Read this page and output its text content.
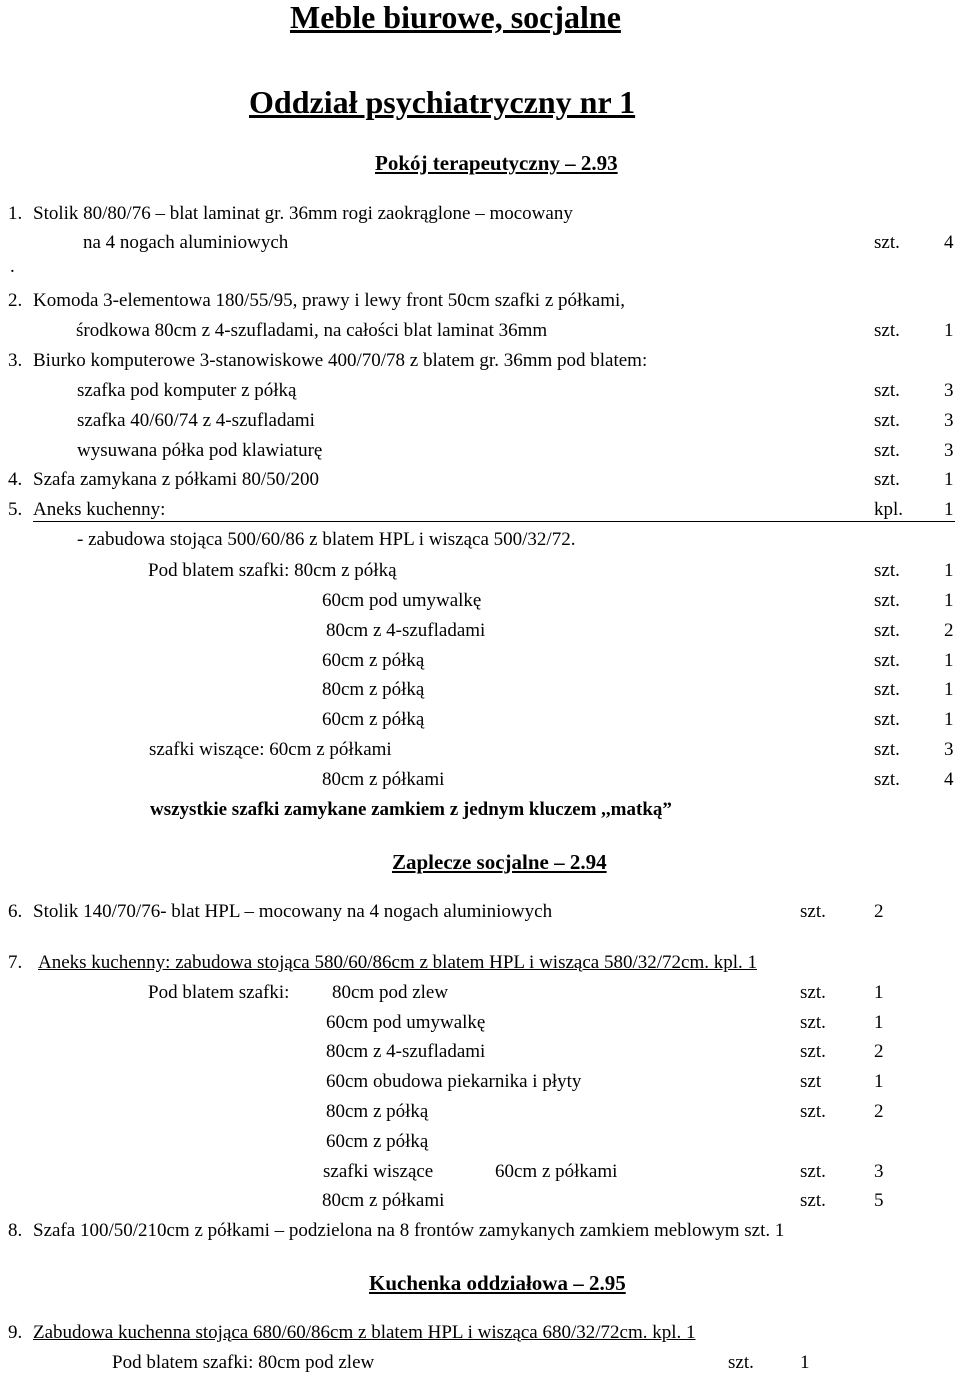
Meble biurowe, socjalne
Oddział psychiatryczny nr 1
Pokój terapeutyczny – 2.93
1. Stolik 80/80/76 – blat laminat gr. 36mm rogi zaokrąglone – mocowany
na 4 nogach aluminiowych	szt. 4
.
2. Komoda 3-elementowa 180/55/95, prawy i lewy front 50cm szafki z półkami,
środkowa 80cm z 4-szufladami, na całości blat laminat 36mm	szt. 1
3. Biurko komputerowe 3-stanowiskowe 400/70/78 z blatem gr. 36mm pod blatem:
szafka pod komputer z półką	szt. 3
szafka 40/60/74 z 4-szufladami	szt. 3
wysuwana półka pod klawiaturę	szt. 3
4. Szafa zamykana z półkami 80/50/200	szt. 1
5. Aneks kuchenny:	kpl. 1
- zabudowa stojąca 500/60/86 z blatem HPL i wisząca 500/32/72.
Pod blatem szafki: 80cm z półką	szt. 1
60cm pod umywalkę	szt. 1
80cm z 4-szufladami	szt. 2
60cm z półką	szt. 1
80cm z półką	szt. 1
60cm z półką	szt. 1
szafki wiszące: 60cm z półkami	szt. 3
80cm z półkami	szt. 4
wszystkie szafki zamykane zamkiem z jednym kluczem ,,matką”
Zaplecze socjalne – 2.94
6. Stolik 140/70/76- blat HPL – mocowany na 4 nogach aluminiowych	szt.	2
7. Aneks kuchenny: zabudowa stojąca 580/60/86cm z blatem HPL i wisząca 580/32/72cm. kpl. 1
Pod blatem szafki: 80cm pod zlew	szt.	1
60cm pod umywalkę	szt.	1
80cm z 4-szufladami	szt.	2
60cm obudowa piekarnika i płyty	szt	1
80cm z półką	szt.	2
60cm z półką
szafki wiszące	60cm z półkami	szt.	3
80cm z półkami	szt.	5
8. Szafa 100/50/210cm z półkami – podzielona na 8 frontów zamykanych zamkiem meblowym szt. 1
Kuchenka oddziałowa – 2.95
9. Zabudowa kuchenna stojąca 680/60/86cm z blatem HPL i wisząca 680/32/72cm. kpl. 1
Pod blatem szafki: 80cm pod zlew	szt. 1
